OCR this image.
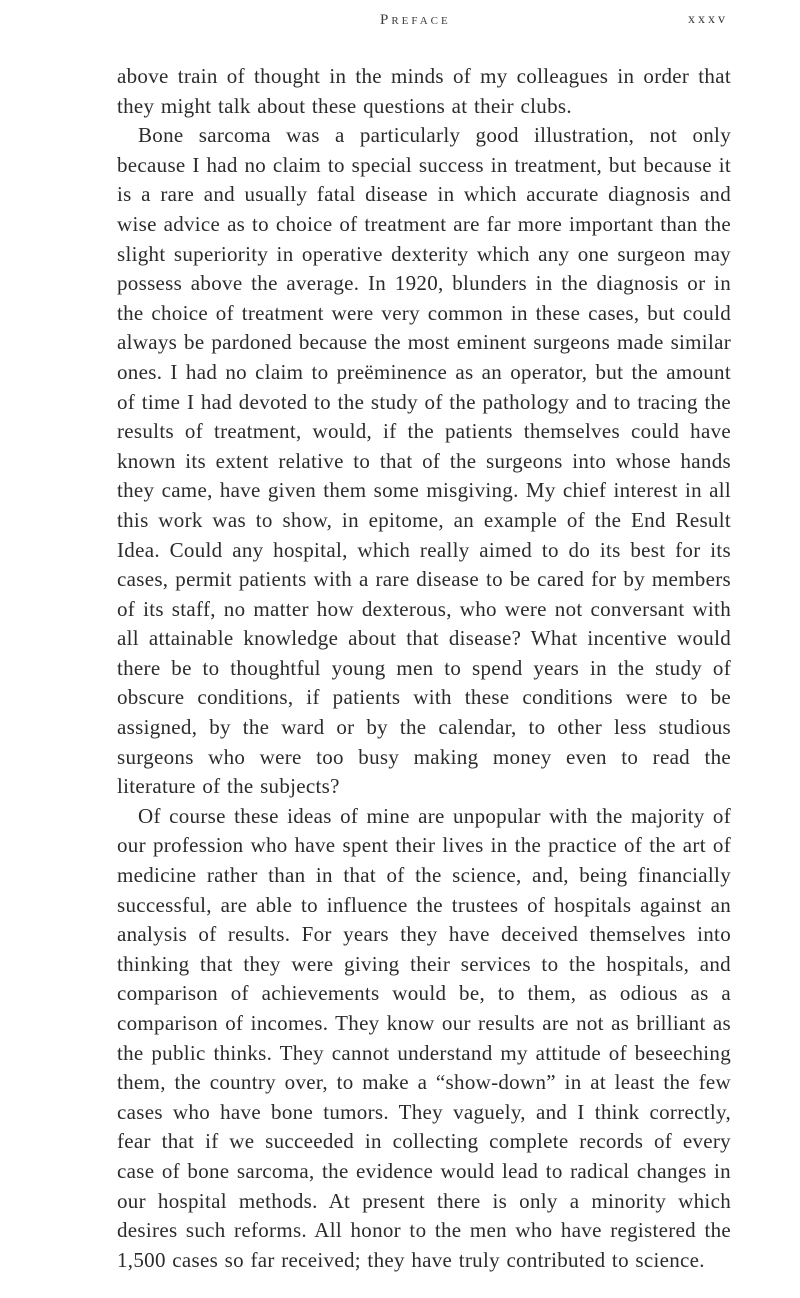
Preface	xxxv

above train of thought in the minds of my colleagues in order that they might talk about these questions at their clubs.

Bone sarcoma was a particularly good illustration, not only because I had no claim to special success in treatment, but because it is a rare and usually fatal disease in which accurate diagnosis and wise advice as to choice of treatment are far more important than the slight superiority in operative dexterity which any one surgeon may possess above the average. In 1920, blunders in the diagnosis or in the choice of treatment were very common in these cases, but could always be pardoned because the most eminent surgeons made similar ones. I had no claim to preëminence as an operator, but the amount of time I had devoted to the study of the pathology and to tracing the results of treatment, would, if the patients themselves could have known its extent relative to that of the surgeons into whose hands they came, have given them some misgiving. My chief interest in all this work was to show, in epitome, an example of the End Result Idea. Could any hospital, which really aimed to do its best for its cases, permit patients with a rare disease to be cared for by members of its staff, no matter how dexterous, who were not conversant with all attainable knowledge about that disease? What incentive would there be to thoughtful young men to spend years in the study of obscure conditions, if patients with these conditions were to be assigned, by the ward or by the calendar, to other less studious surgeons who were too busy making money even to read the literature of the subjects?

Of course these ideas of mine are unpopular with the majority of our profession who have spent their lives in the practice of the art of medicine rather than in that of the science, and, being financially successful, are able to influence the trustees of hospitals against an analysis of results. For years they have deceived themselves into thinking that they were giving their services to the hospitals, and comparison of achievements would be, to them, as odious as a comparison of incomes. They know our results are not as brilliant as the public thinks. They cannot understand my attitude of beseeching them, the country over, to make a “show-down” in at least the few cases who have bone tumors. They vaguely, and I think correctly, fear that if we succeeded in collecting complete records of every case of bone sarcoma, the evidence would lead to radical changes in our hospital methods. At present there is only a minority which desires such reforms. All honor to the men who have registered the 1,500 cases so far received; they have truly contributed to science.
